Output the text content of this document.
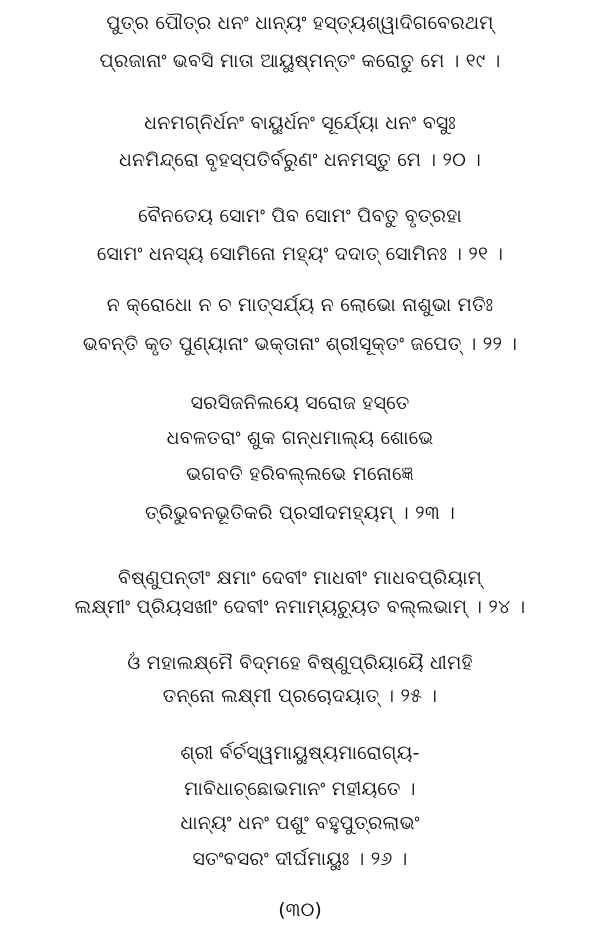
ପୁତ୍ର ପୌତ୍ର ଧନଂ ଧାନ୍ୟଂ ହସ୍ତ୍ୟଶ୍ୱାଦିଗବେରଥମ୍
ପ୍ରଜାନାଂ ଭବସି ମାତା ଆୟୁଷ୍ମନ୍ତଂ କରୋତୁ ମେ । ୧୯ ।
ଧନମଗ୍ନିର୍ଧନଂ ବାୟୁର୍ଧନଂ ସୂର୍ଯ୍ୟୋ ଧନଂ ବସୁଃ
ଧନମିନ୍ଦ୍ରୋ ବୃହସ୍ପତିର୍ବରୁଣଂ ଧନମସ୍ତୁ ମେ । ୨୦ ।
ବୈନତେୟ ସୋମଂ ପିବ ସୋମଂ ପିବତୁ ବୃତ୍ରହା
ସୋମଂ ଧନସ୍ୟ ସୋମିନୋ ମହ୍ୟଂ ଦଦାତ୍ ସୋମିନଃ । ୨୧ ।
ନ କ୍ରୋଧୋ ନ ଚ ମାତ୍ସର୍ଯ୍ୟ ନ ଲୋଭୋ ନାଶୁଭା ମତିଃ
ଭବନ୍ତି କୃତ ପୁଣ୍ୟାନାଂ ଭକ୍ତାନାଂ ଶ୍ରୀସୂକ୍ତଂ ଜପେତ୍ । ୨୨ ।
ସରସିଜନିଲୟେ ସରୋଜ ହସ୍ତେ
ଧବଳତରାଂ ଶୁକ ଗନ୍ଧମାଲ୍ୟ ଶୋଭେ
ଭଗବତି ହରିବଲ୍ଲଭେ ମନୋଜ୍ଞେ
ତ୍ରିଭୁବନଭୂତିକରି ପ୍ରସୀଦମହ୍ୟମ୍ । ୨୩ ।
ବିଷ୍ଣୁପନ୍ତୀଂ କ୍ଷମାଂ ଦେବୀଂ ମାଧବୀଂ ମାଧବପ୍ରିୟାମ୍
ଲକ୍ଷ୍ମୀଂ ପ୍ରିୟସଖୀଂ ଦେବୀଂ ନମାମ୍ୟଚ୍ୟୁତ ବଲ୍ଲଭାମ୍ । ୨୪ ।
ଓଁ ମହାଲକ୍ଷ୍ମୈ ବିଦ୍ମହେ ବିଷ୍ଣୁପ୍ରିୟାୟୈ ଧୀମହି
ତନ୍ନୋ ଲକ୍ଷ୍ମୀ ପ୍ରଚୋଦୟାତ୍ । ୨୫ ।
ଶ୍ରୀ ର୍ବର୍ଚସ୍ୱମାୟୁଷ୍ୟମାରୋଗ୍ୟ-
ମାବିଧାଚ୍ଛୋଭମାନଂ ମହୀୟତେ ।
ଧାନ୍ୟଂ ଧନଂ ପଶୁଂ ବହୁପୁତ୍ରଲାଭଂ
ସତଂବସରଂ ଦୀର୍ଘମାୟୁଃ । ୨୬ ।
(୩୦)
